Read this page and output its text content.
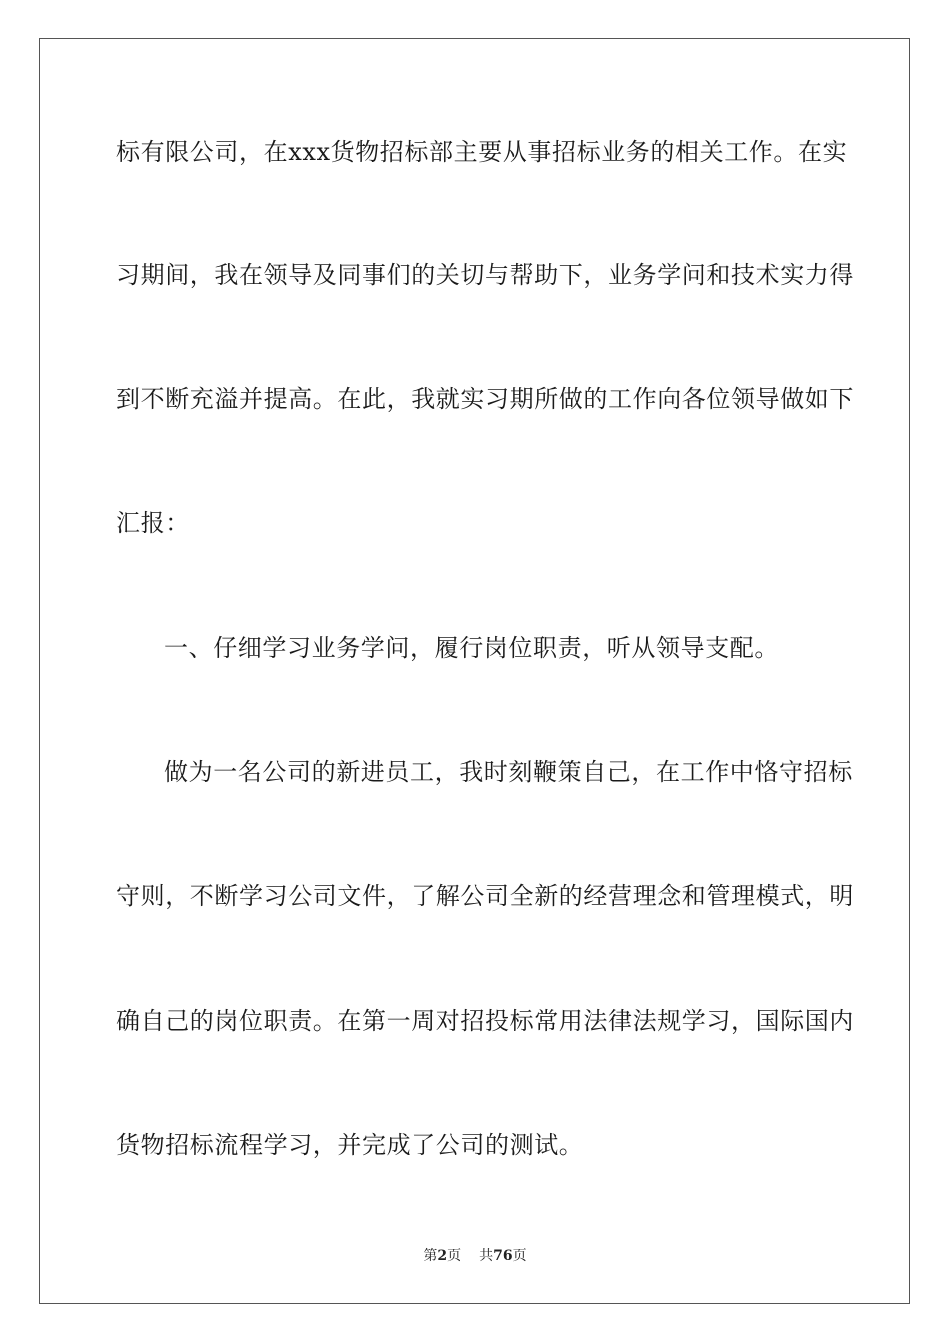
标有限公司，在xxx货物招标部主要从事招标业务的相关工作。在实
习期间，我在领导及同事们的关切与帮助下，业务学问和技术实力得
到不断充溢并提高。在此，我就实习期所做的工作向各位领导做如下
汇报：
一、仔细学习业务学问，履行岗位职责，听从领导支配。
做为一名公司的新进员工，我时刻鞭策自己，在工作中恪守招标
守则，不断学习公司文件，了解公司全新的经营理念和管理模式，明
确自己的岗位职责。在第一周对招投标常用法律法规学习，国际国内
货物招标流程学习，并完成了公司的测试。
第2页 共76页
